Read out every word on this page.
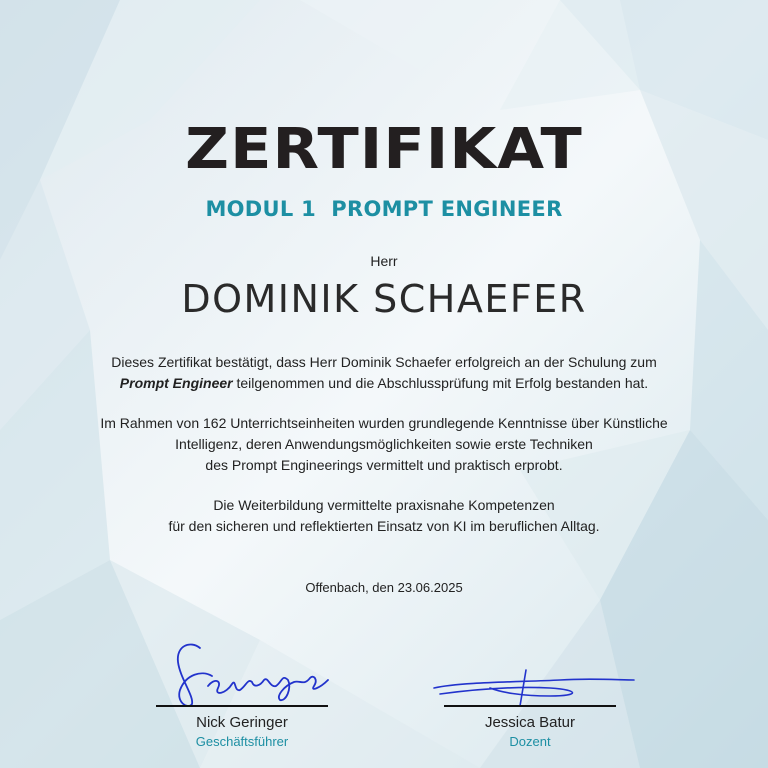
ZERTIFIKAT
MODUL 1  PROMPT ENGINEER
Herr
DOMINIK SCHAEFER
Dieses Zertifikat bestätigt, dass Herr Dominik Schaefer erfolgreich an der Schulung zum
Prompt Engineer teilgenommen und die Abschlussprüfung mit Erfolg bestanden hat.
Im Rahmen von 162 Unterrichtseinheiten wurden grundlegende Kenntnisse über Künstliche
Intelligenz, deren Anwendungsmöglichkeiten sowie erste Techniken
des Prompt Engineerings vermittelt und praktisch erprobt.
Die Weiterbildung vermittelte praxisnahe Kompetenzen
für den sicheren und reflektierten Einsatz von KI im beruflichen Alltag.
Offenbach, den 23.06.2025
Nick Geringer
Geschäftsführer
Jessica Batur
Dozent
